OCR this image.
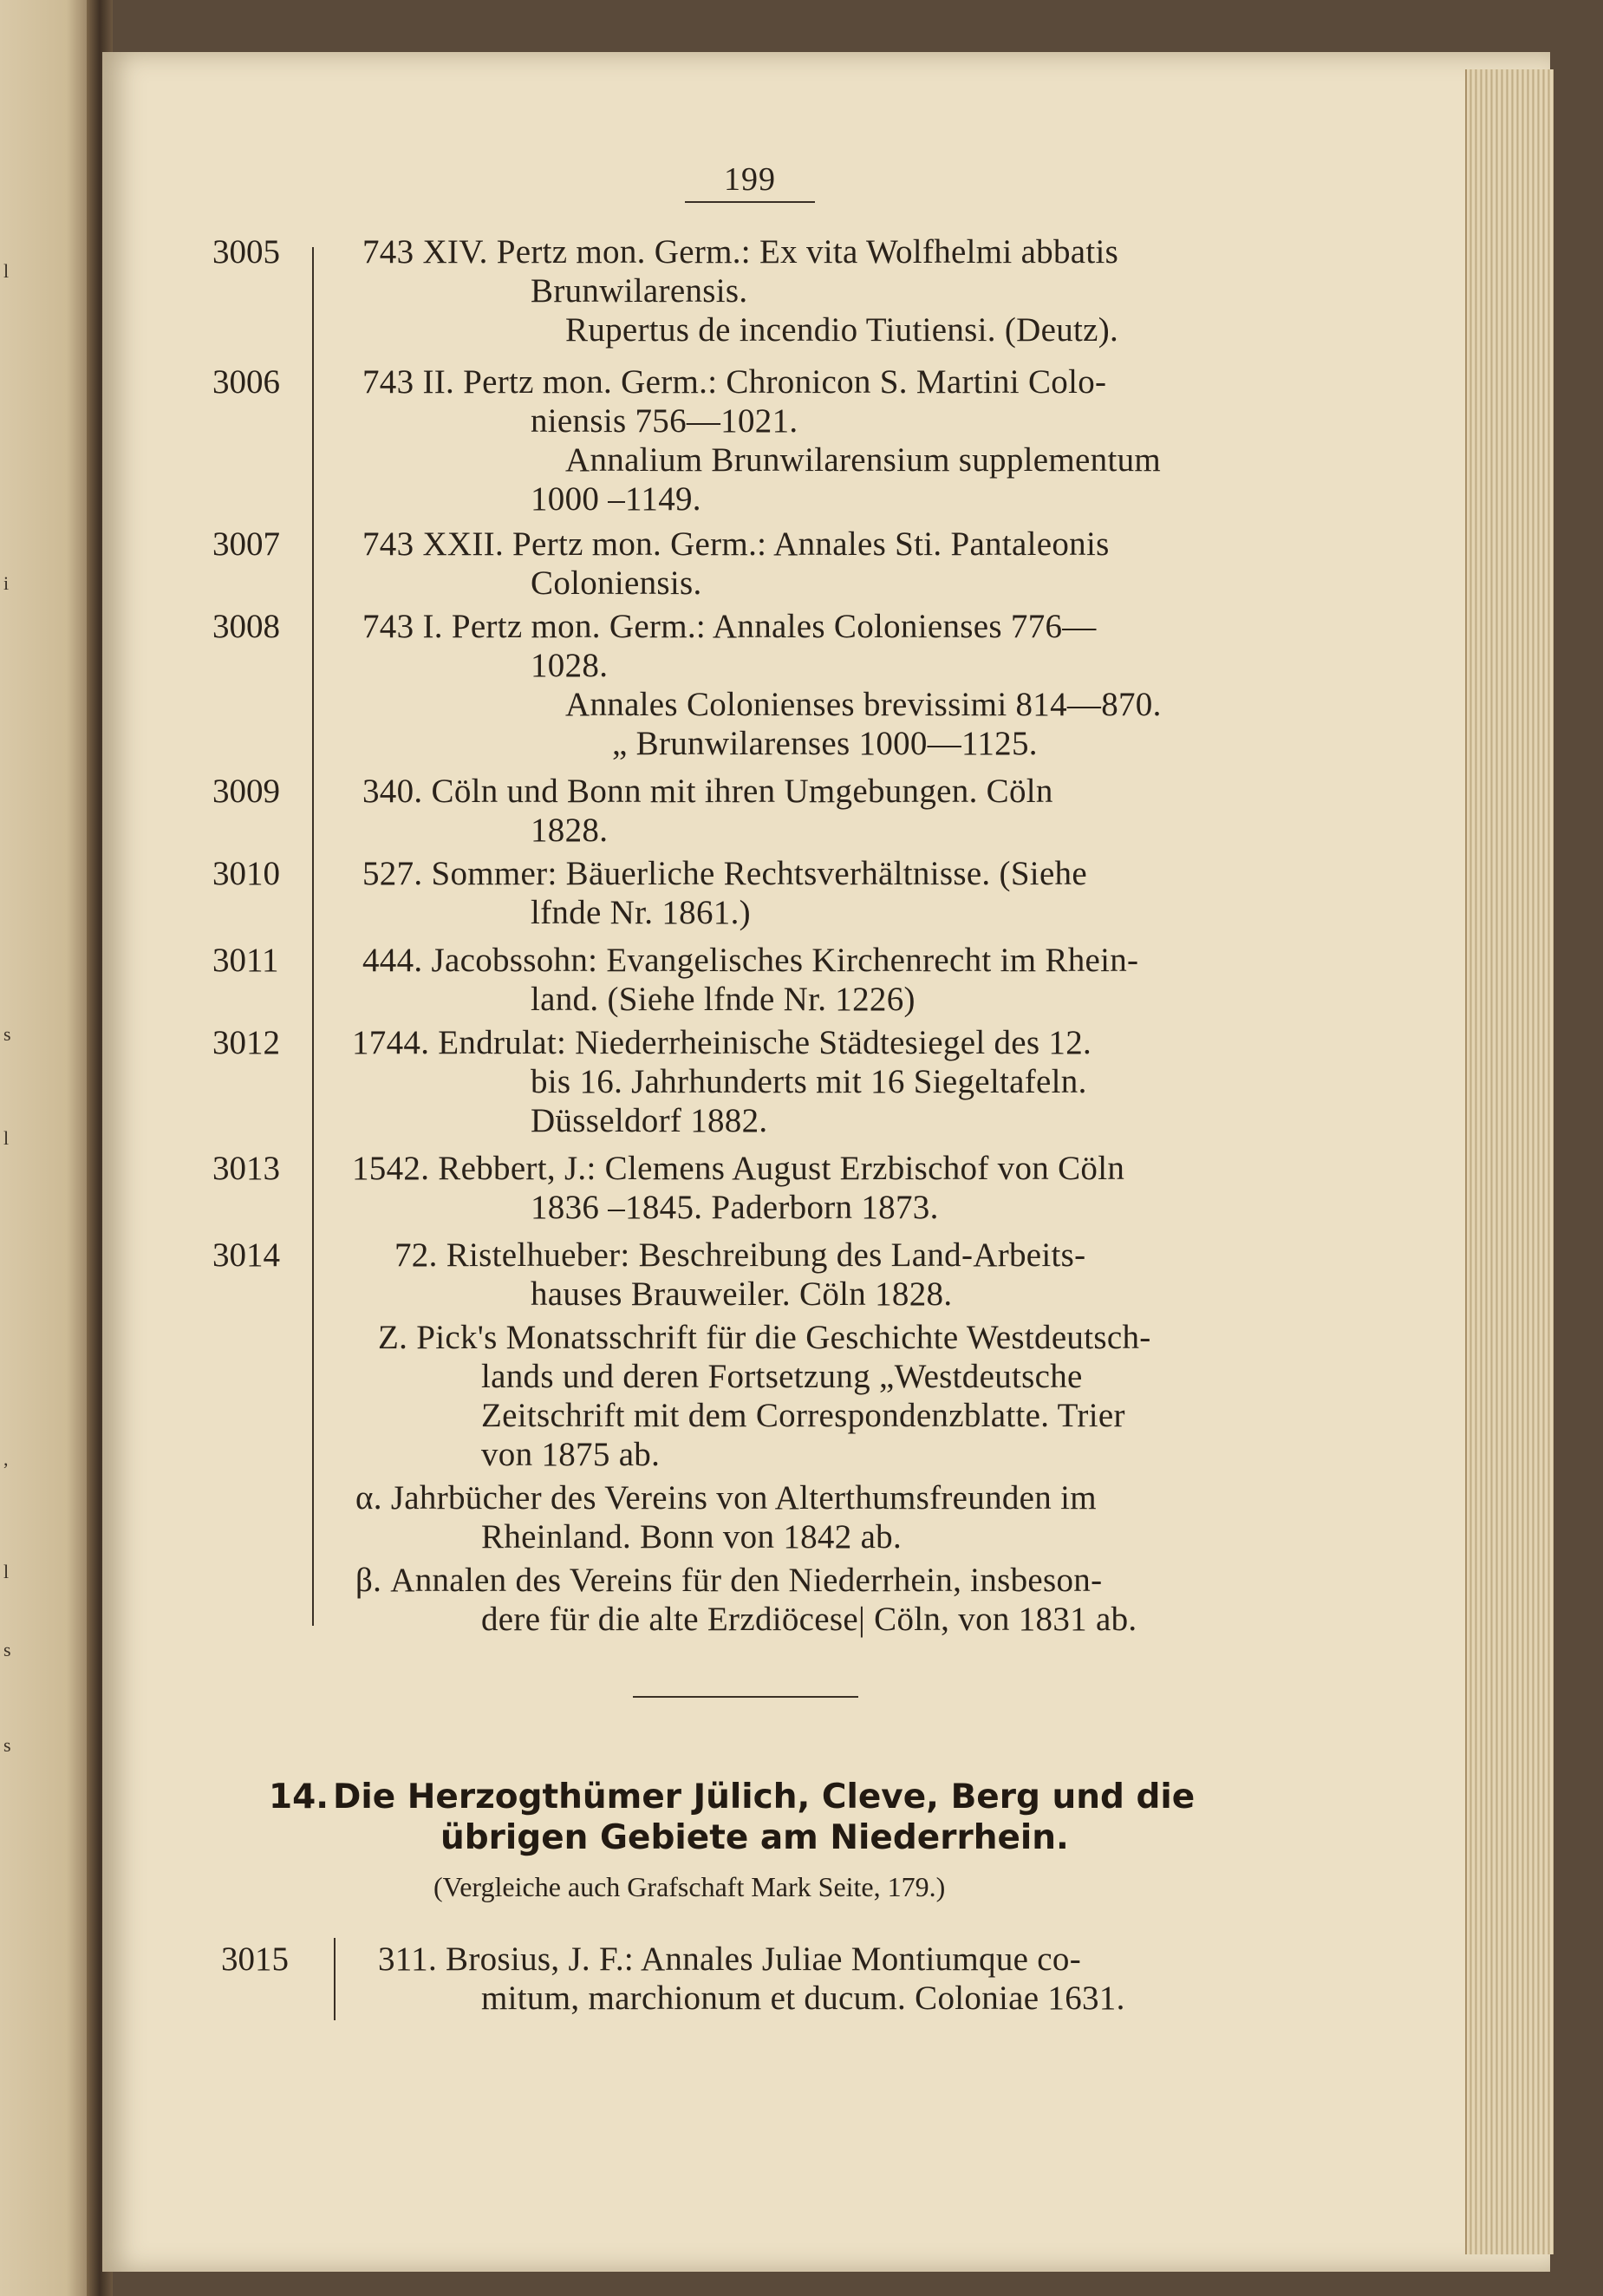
l
i
s
l
,
l
s
s
199
3005 743 XIV. Pertz mon. Germ.: Ex vita Wolfhelmi abbatis
Brunwilarensis.
Rupertus de incendio Tiutiensi. (Deutz).
3006 743 II. Pertz mon. Germ.: Chronicon S. Martini Colo-
niensis 756—1021.
Annalium Brunwilarensium supplementum
1000 –1149.
3007 743 XXII. Pertz mon. Germ.: Annales Sti. Pantaleonis
Coloniensis.
3008 743 I. Pertz mon. Germ.: Annales Colonienses 776—
1028.
Annales Colonienses brevissimi 814—870.
„ Brunwilarenses 1000—1125.
3009 340. Cöln und Bonn mit ihren Umgebungen. Cöln
1828.
3010 527. Sommer: Bäuerliche Rechtsverhältnisse. (Siehe
lfnde Nr. 1861.)
3011 444. Jacobssohn: Evangelisches Kirchenrecht im Rhein-
land. (Siehe lfnde Nr. 1226)
3012 1744. Endrulat: Niederrheinische Städtesiegel des 12.
bis 16. Jahrhunderts mit 16 Siegeltafeln.
Düsseldorf 1882.
3013 1542. Rebbert, J.: Clemens August Erzbischof von Cöln
1836 –1845. Paderborn 1873.
3014	72. Ristelhueber: Beschreibung des Land-Arbeits-
hauses Brauweiler. Cöln 1828.
Z. Pick's Monatsschrift für die Geschichte Westdeutsch-
lands und deren Fortsetzung „Westdeutsche
Zeitschrift mit dem Correspondenzblatte. Trier
von 1875 ab.
α. Jahrbücher des Vereins von Alterthumsfreunden im
Rheinland. Bonn von 1842 ab.
β. Annalen des Vereins für den Niederrhein, insbeson-
dere für die alte Erzdiöcese| Cöln, von 1831 ab.
14. Die Herzogthümer Jülich, Cleve, Berg und die
übrigen Gebiete am Niederrhein.
(Vergleiche auch Grafschaft Mark Seite, 179.)
3015	311. Brosius, J. F.: Annales Juliae Montiumque co-
mitum, marchionum et ducum. Coloniae 1631.
